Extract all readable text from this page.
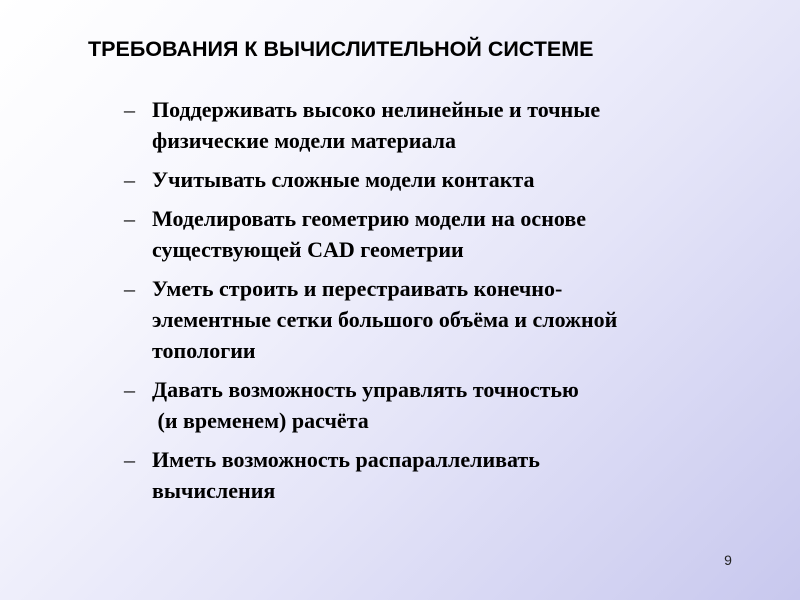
ТРЕБОВАНИЯ К ВЫЧИСЛИТЕЛЬНОЙ СИСТЕМЕ
– Поддерживать высоко нелинейные и точные
физические модели материала
– Учитывать сложные модели контакта
– Моделировать геометрию модели на основе
существующей CAD геометрии
– Уметь строить и перестраивать конечно-
элементные сетки большого объёма и сложной
топологии
– Давать возможность управлять точностью
(и временем) расчёта
– Иметь возможность распараллеливать
вычисления
9
